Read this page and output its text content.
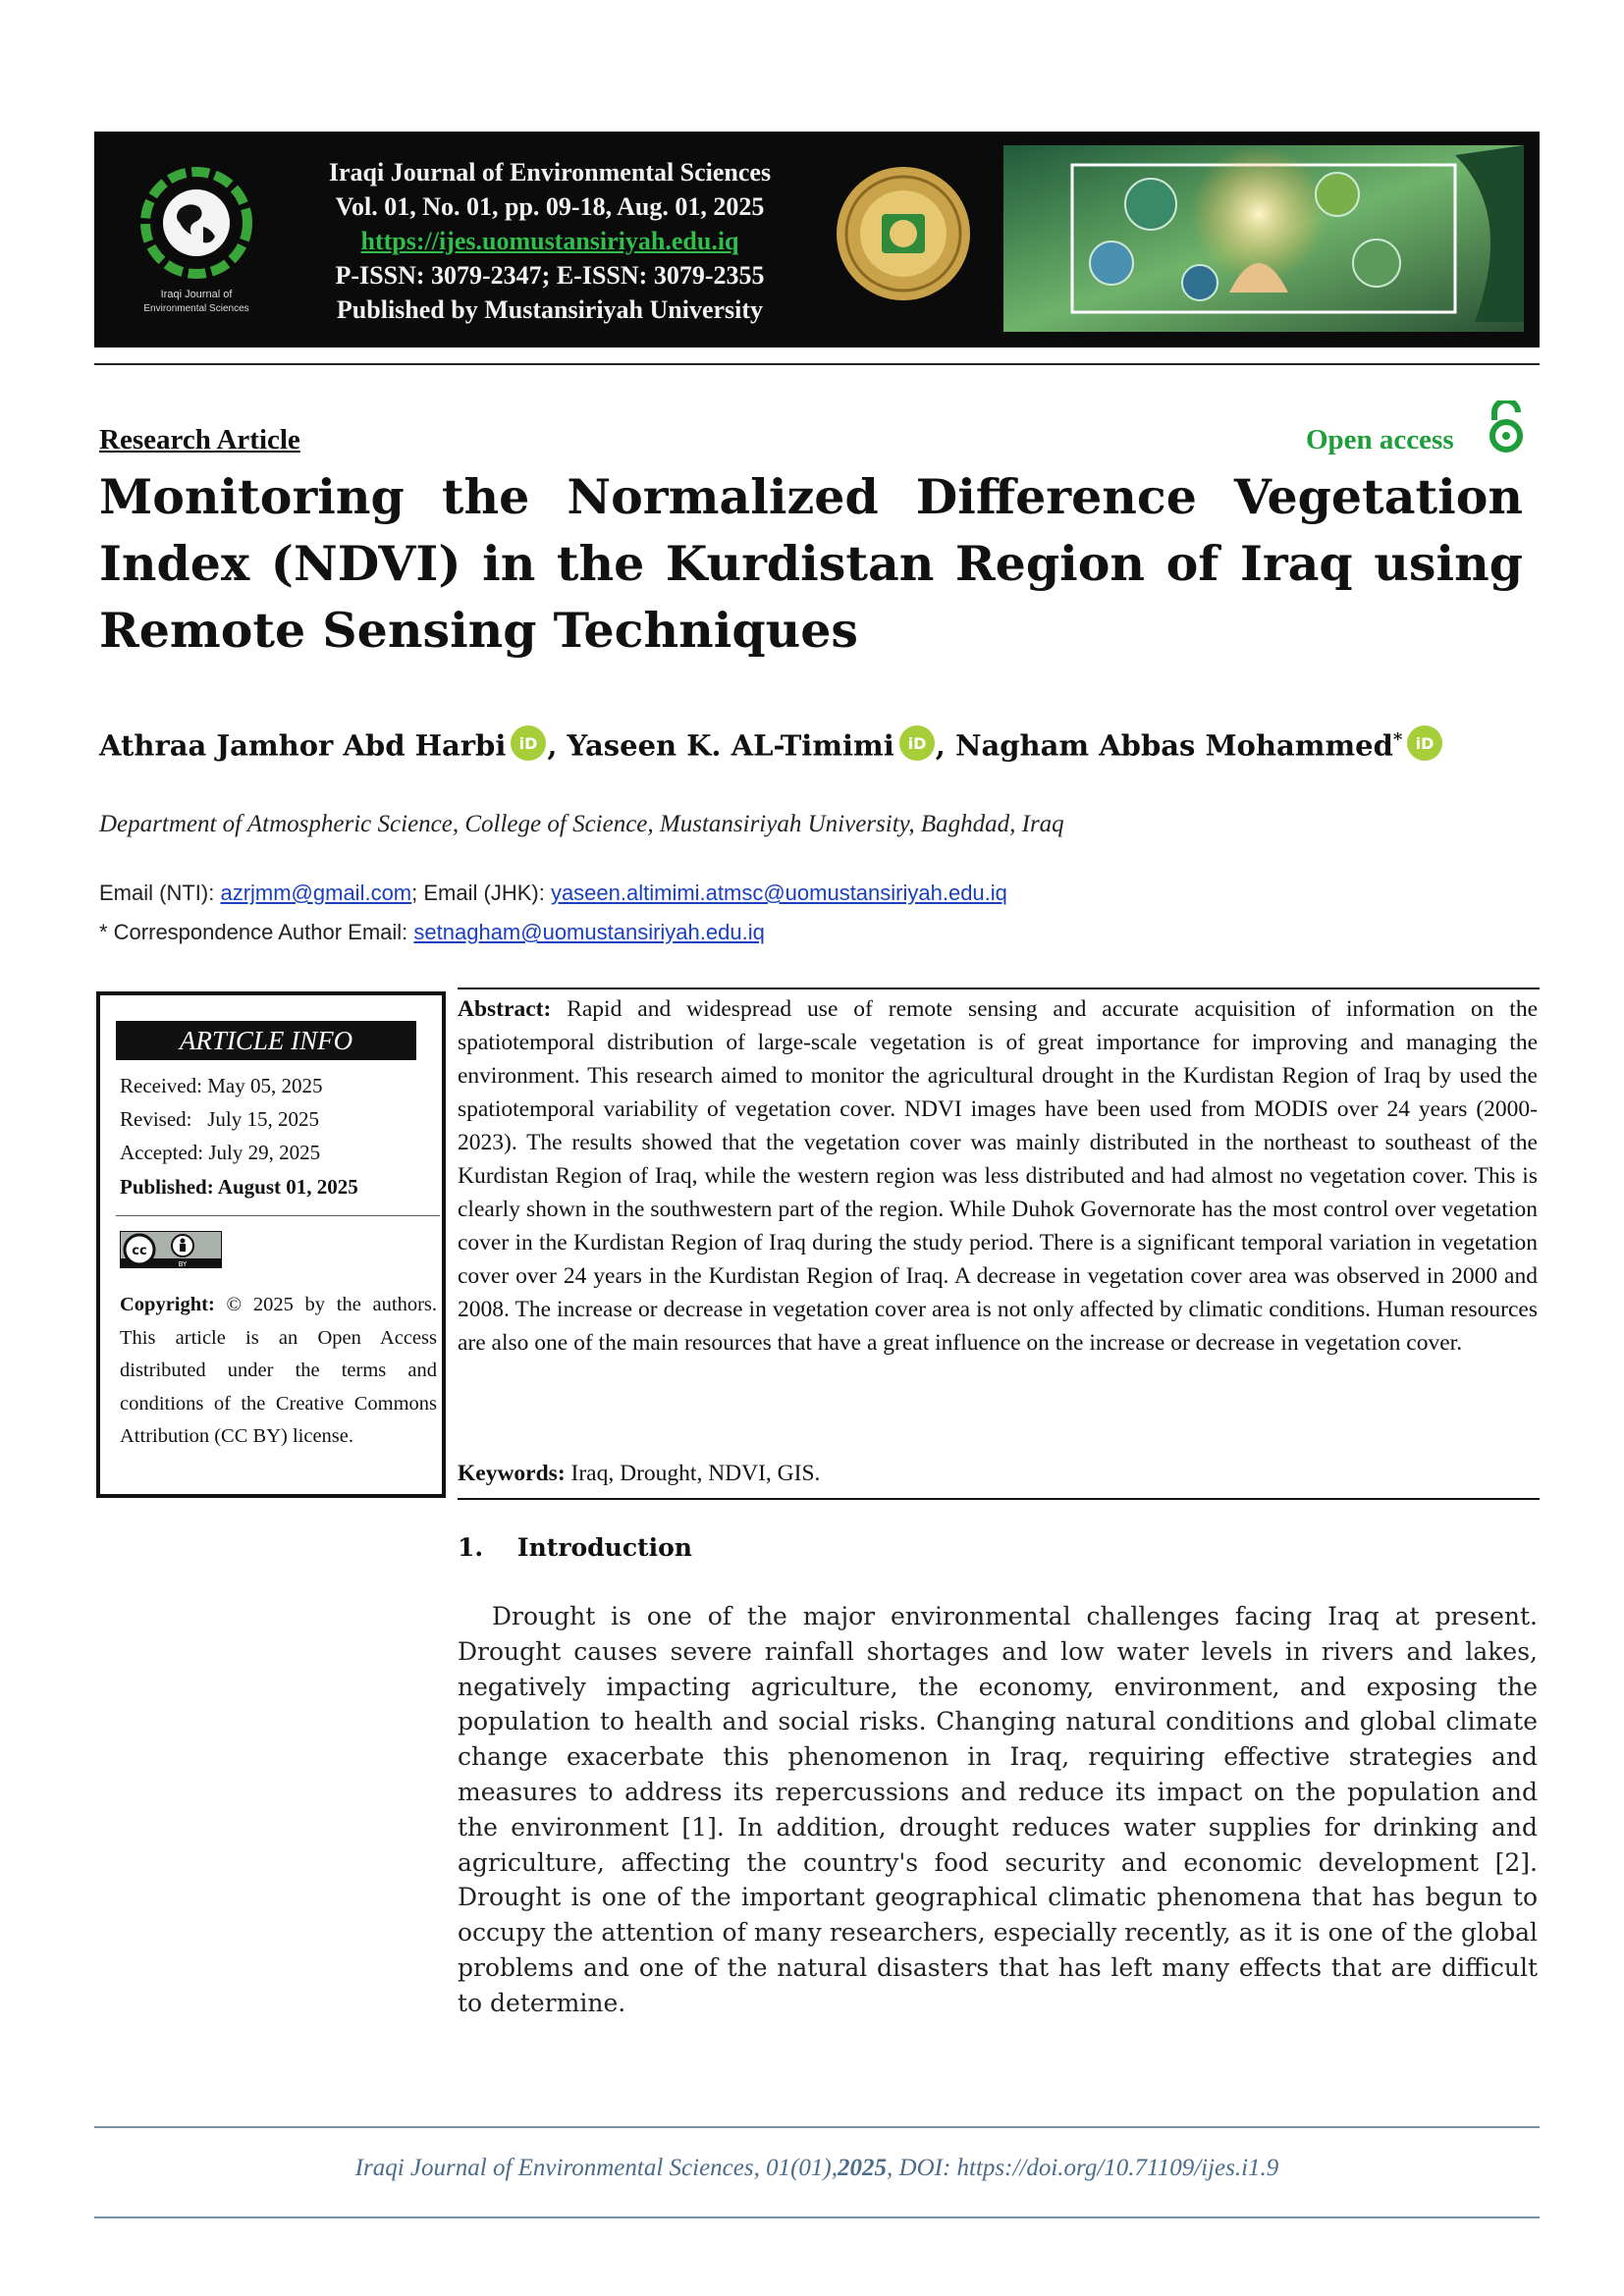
Iraqi Journal of
Environmental Sciences
Iraqi Journal of Environmental Sciences
Vol. 01, No. 01, pp. 09-18, Aug. 01, 2025
https://ijes.uomustansiriyah.edu.iq
P-ISSN: 3079-2347; E-ISSN: 3079-2355
Published by Mustansiriyah University
Research Article	Open access
Monitoring the Normalized Difference Vegetation Index (NDVI) in the Kurdistan Region of Iraq using Remote Sensing Techniques
Athraa Jamhor Abd Harbi iD , Yaseen K. AL-Timimi iD , Nagham Abbas Mohammed* iD
Department of Atmospheric Science, College of Science, Mustansiriyah University, Baghdad, Iraq
Email (NTI): azrjmm@gmail.com; Email (JHK): yaseen.altimimi.atmsc@uomustansiriyah.edu.iq
* Correspondence Author Email: setnagham@uomustansiriyah.edu.iq
ARTICLE INFO
Received: May 05, 2025
Revised:   July 15, 2025
Accepted: July 29, 2025
Published: August 01, 2025
cc
BY
Copyright: © 2025 by the authors. This article is an Open Access distributed under the terms and conditions of the Creative Commons Attribution (CC BY) license.
Abstract: Rapid and widespread use of remote sensing and accurate acquisition of information on the spatiotemporal distribution of large-scale vegetation is of great importance for improving and managing the environment. This research aimed to monitor the agricultural drought in the Kurdistan Region of Iraq by used the spatiotemporal variability of vegetation cover. NDVI images have been used from MODIS over 24 years (2000-2023). The results showed that the vegetation cover was mainly distributed in the northeast to southeast of the Kurdistan Region of Iraq, while the western region was less distributed and had almost no vegetation cover. This is clearly shown in the southwestern part of the region. While Duhok Governorate has the most control over vegetation cover in the Kurdistan Region of Iraq during the study period. There is a significant temporal variation in vegetation cover over 24 years in the Kurdistan Region of Iraq. A decrease in vegetation cover area was observed in 2000 and 2008. The increase or decrease in vegetation cover area is not only affected by climatic conditions. Human resources are also one of the main resources that have a great influence on the increase or decrease in vegetation cover.
Keywords: Iraq, Drought, NDVI, GIS.
1.    Introduction
Drought is one of the major environmental challenges facing Iraq at present. Drought causes severe rainfall shortages and low water levels in rivers and lakes, negatively impacting agriculture, the economy, environment, and exposing the population to health and social risks. Changing natural conditions and global climate change exacerbate this phenomenon in Iraq, requiring effective strategies and measures to address its repercussions and reduce its impact on the population and the environment [1]. In addition, drought reduces water supplies for drinking and agriculture, affecting the country's food security and economic development [2]. Drought is one of the important geographical climatic phenomena that has begun to occupy the attention of many researchers, especially recently, as it is one of the global problems and one of the natural disasters that has left many effects that are difficult to determine.
Iraqi Journal of Environmental Sciences, 01(01),2025, DOI: https://doi.org/10.71109/ijes.i1.9
